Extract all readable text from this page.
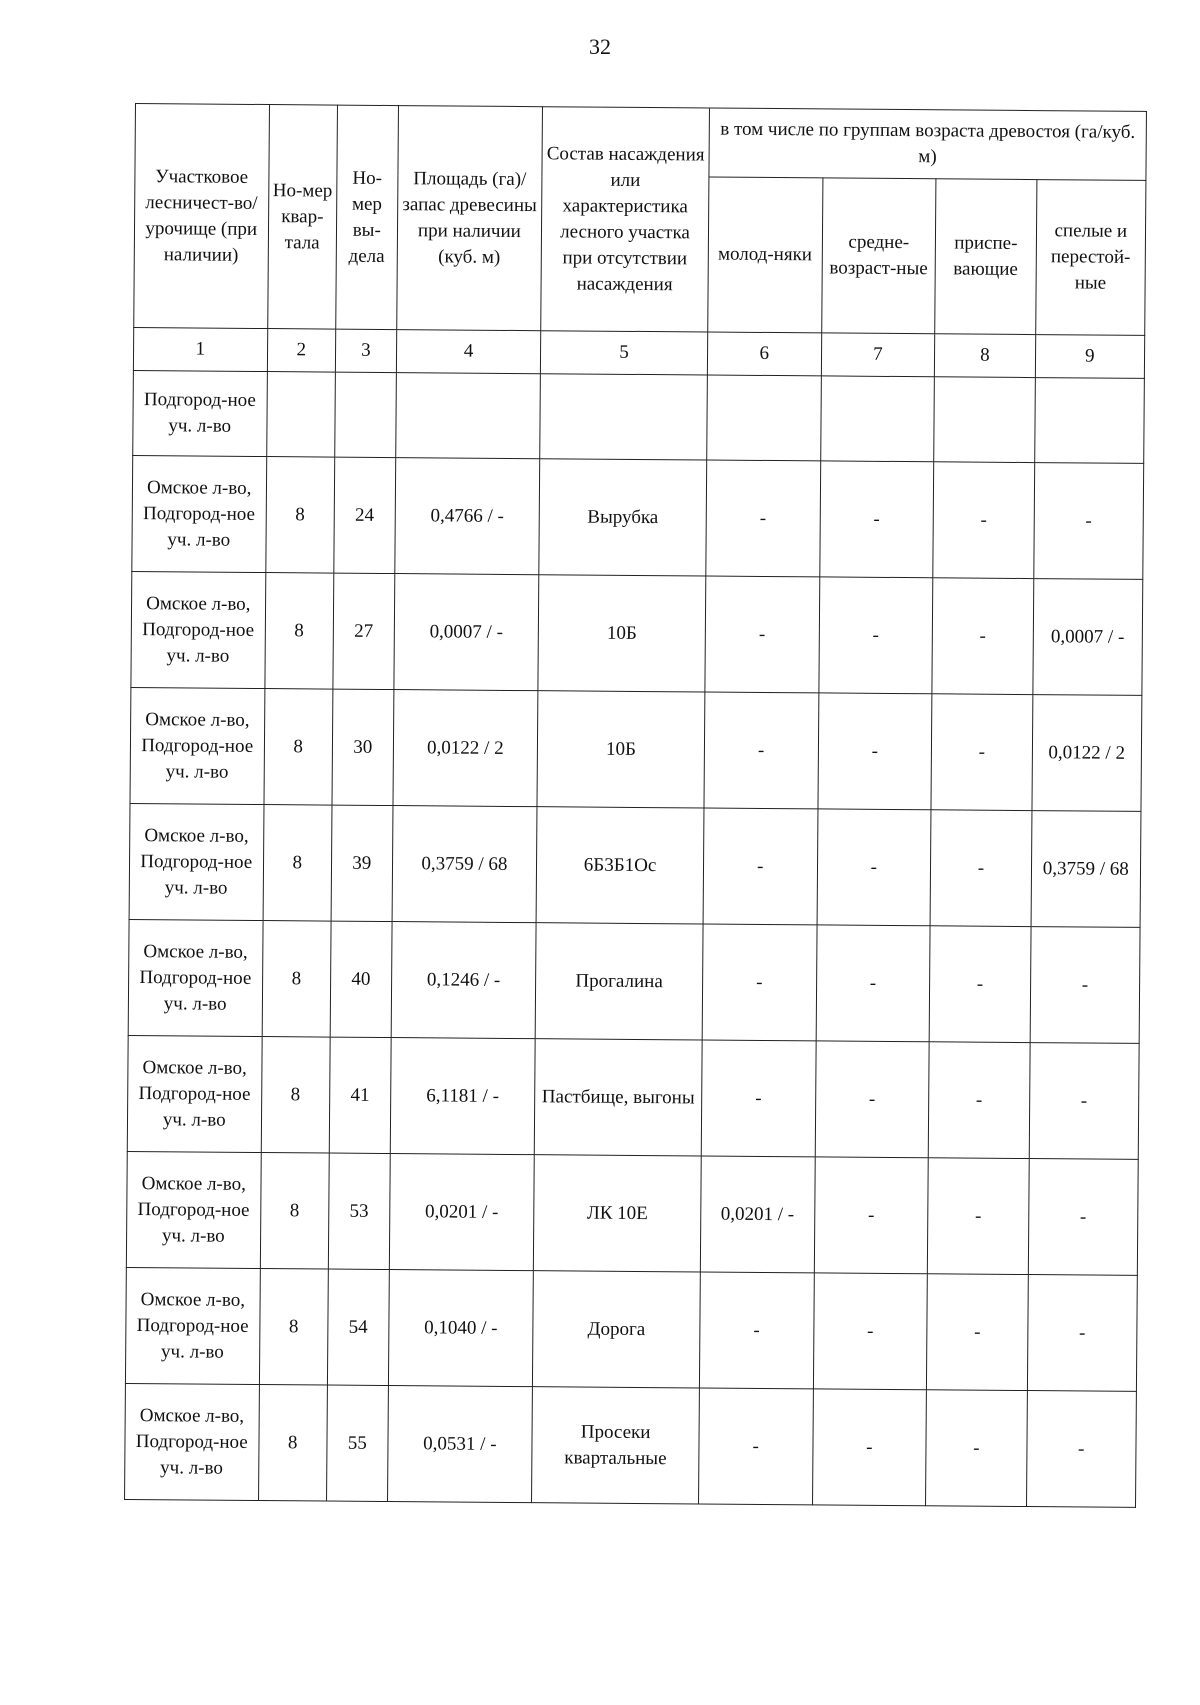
32
Участковое лесничест-во/урочище (при наличии)	Но-мер квар-тала	Но-мер вы-дела	Площадь (га)/запас древесины при наличии (куб. м)	Состав насаждения или характеристика лесного участка при отсутствии насаждения	в том числе по группам возраста древостоя (га/куб. м)			
					молод-няки	средне-возраст-ные	приспе-вающие	спелые и перестой-ные
1	2	3	4	5	6	7	8	9
Подгород-ное уч. л-во								
Омское л-во, Подгород-ное уч. л-во	8	24	0,4766 / -	Вырубка	-	-	-	-
Омское л-во, Подгород-ное уч. л-во	8	27	0,0007 / -	10Б	-	-	-	0,0007 / -
Омское л-во, Подгород-ное уч. л-во	8	30	0,0122 / 2	10Б	-	-	-	0,0122 / 2
Омское л-во, Подгород-ное уч. л-во	8	39	0,3759 / 68	6Б3Б1Ос	-	-	-	0,3759 / 68
Омское л-во, Подгород-ное уч. л-во	8	40	0,1246 / -	Прогалина	-	-	-	-
Омское л-во, Подгород-ное уч. л-во	8	41	6,1181 / -	Пастбище, выгоны	-	-	-	-
Омское л-во, Подгород-ное уч. л-во	8	53	0,0201 / -	ЛК 10Е	0,0201 / -	-	-	-
Омское л-во, Подгород-ное уч. л-во	8	54	0,1040 / -	Дорога	-	-	-	-
Омское л-во, Подгород-ное уч. л-во	8	55	0,0531 / -	Просеки квартальные	-	-	-	-
